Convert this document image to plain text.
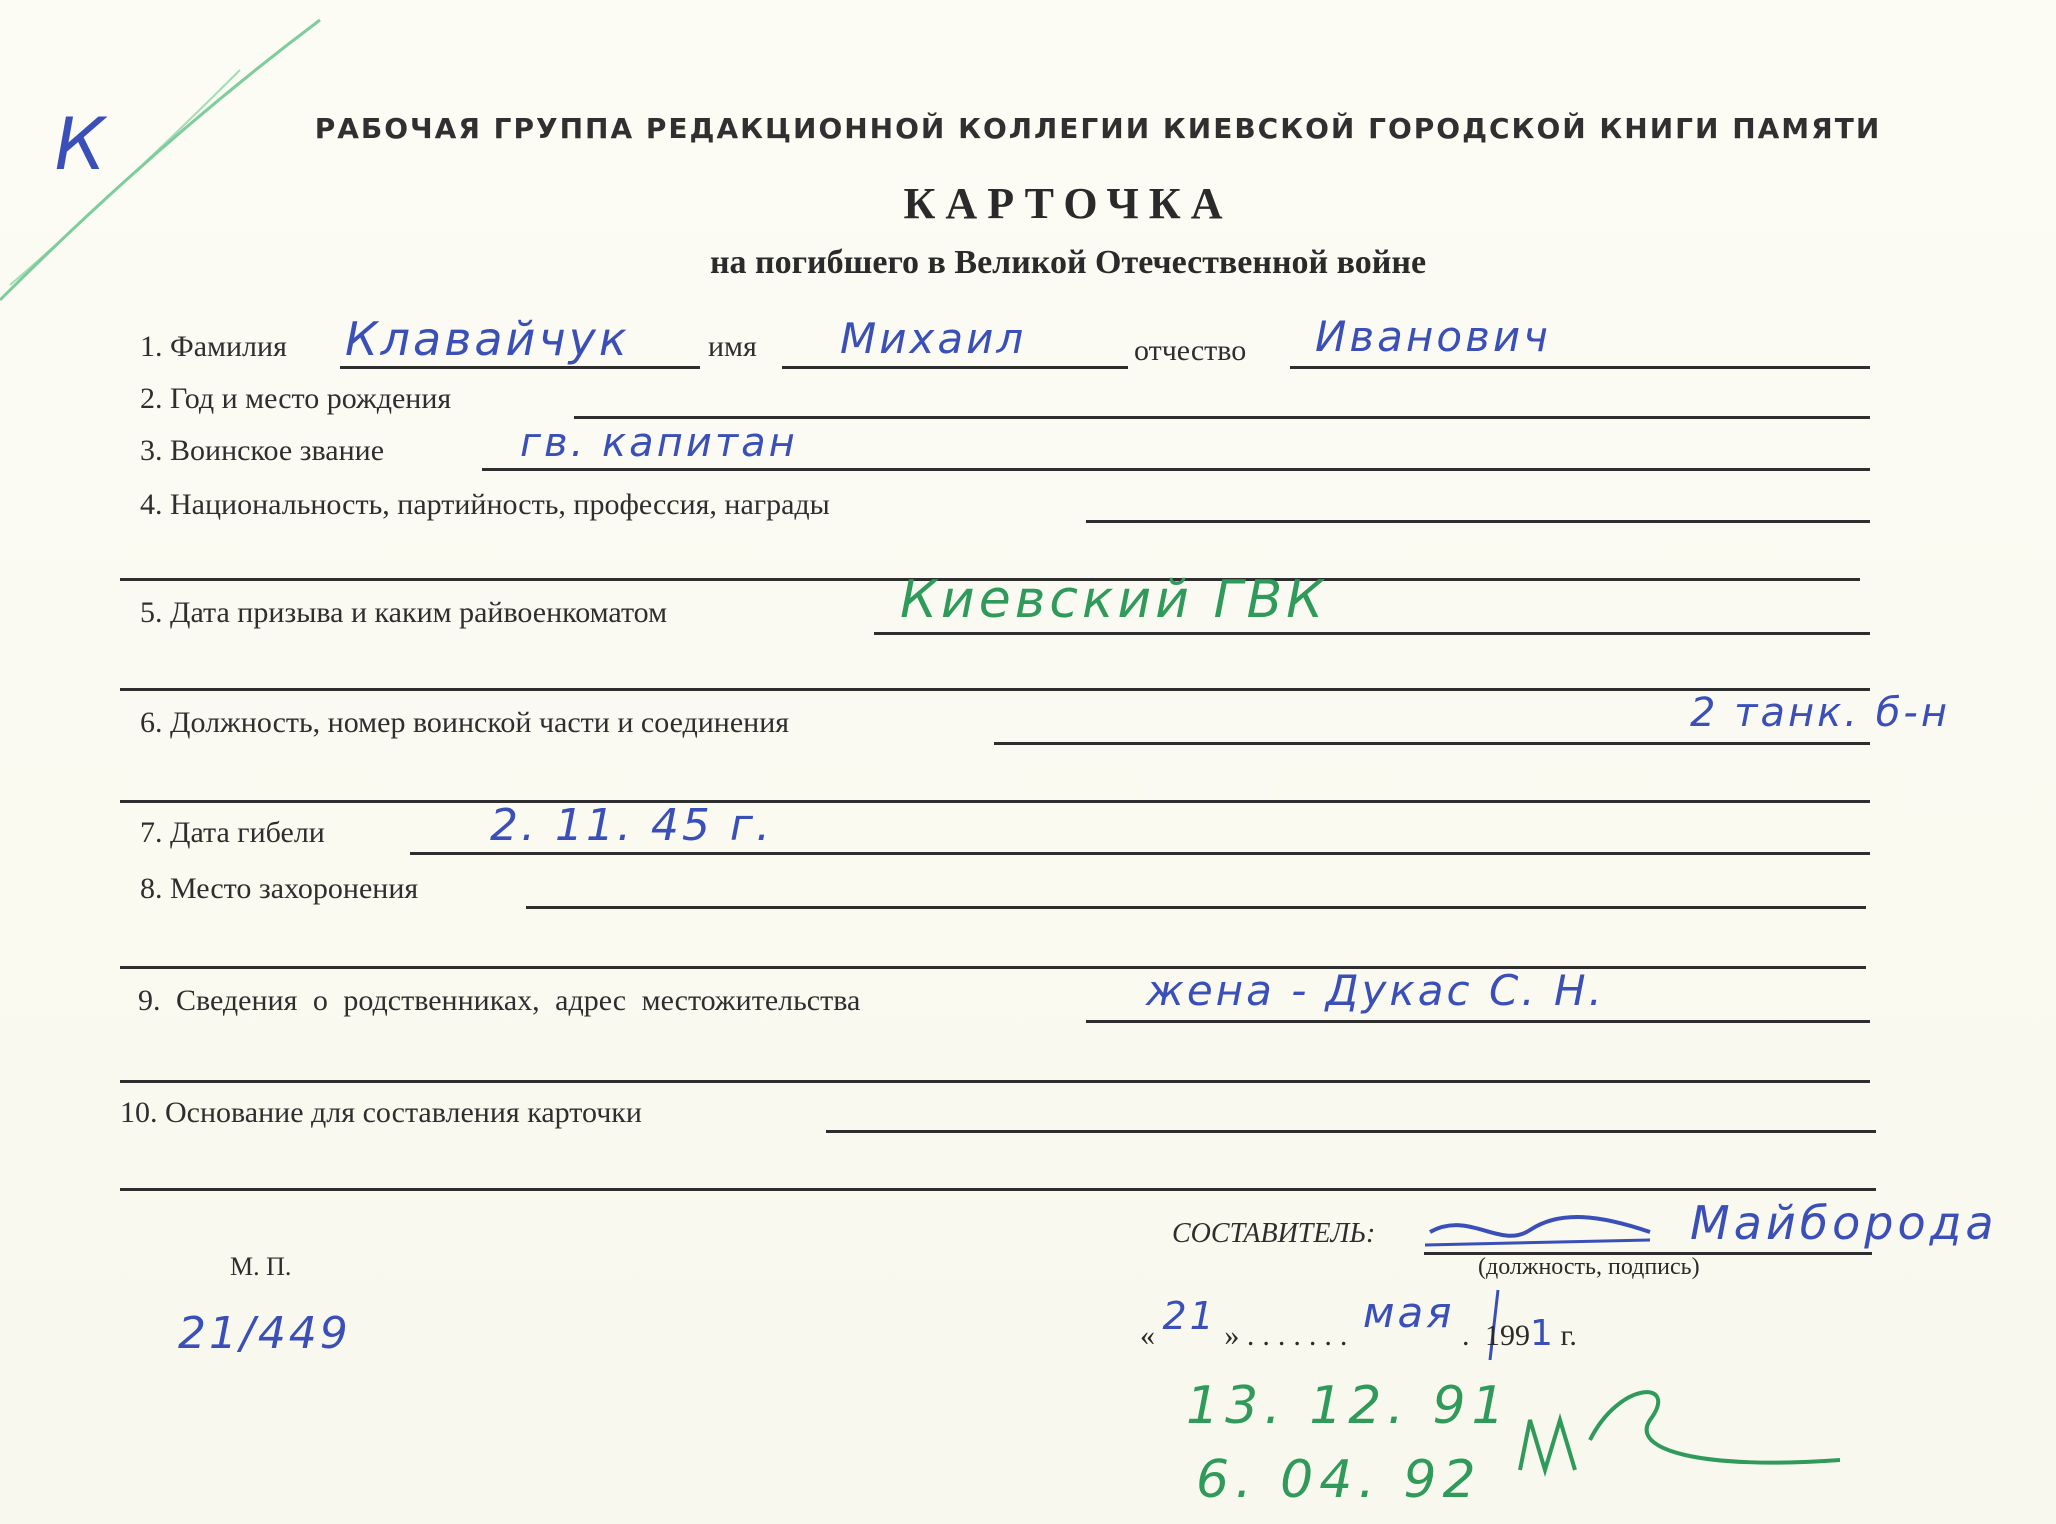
К	РАБОЧАЯ ГРУППА РЕДАКЦИОННОЙ КОЛЛЕГИИ КИЕВСКОЙ ГОРОДСКОЙ КНИГИ ПАМЯТИ
КАРТОЧКА
на погибшего в Великой Отечественной войне
1. Фамилия Клавайчук	имя Михаил	отчество Иванович
2. Год и место рождения
3. Воинское звание	гв. капитан
4. Национальность, партийность, профессия, награды
5. Дата призыва и каким райвоенкоматом	Киевский ГВК
6. Должность, номер воинской части и соединения	2 танк. б-н
7. Дата гибели	2. 11. 45 г.
8. Место захоронения
9. Сведения о родственниках, адрес местожительства	жена - Дукас С. Н.
10. Основание для составления карточки
М. П.
21/449
СОСТАВИТЕЛЬ:	Майборода
(должность, подпись)
« 21 » ....... мая . 1991 г.
13. 12. 91
6. 04. 92
